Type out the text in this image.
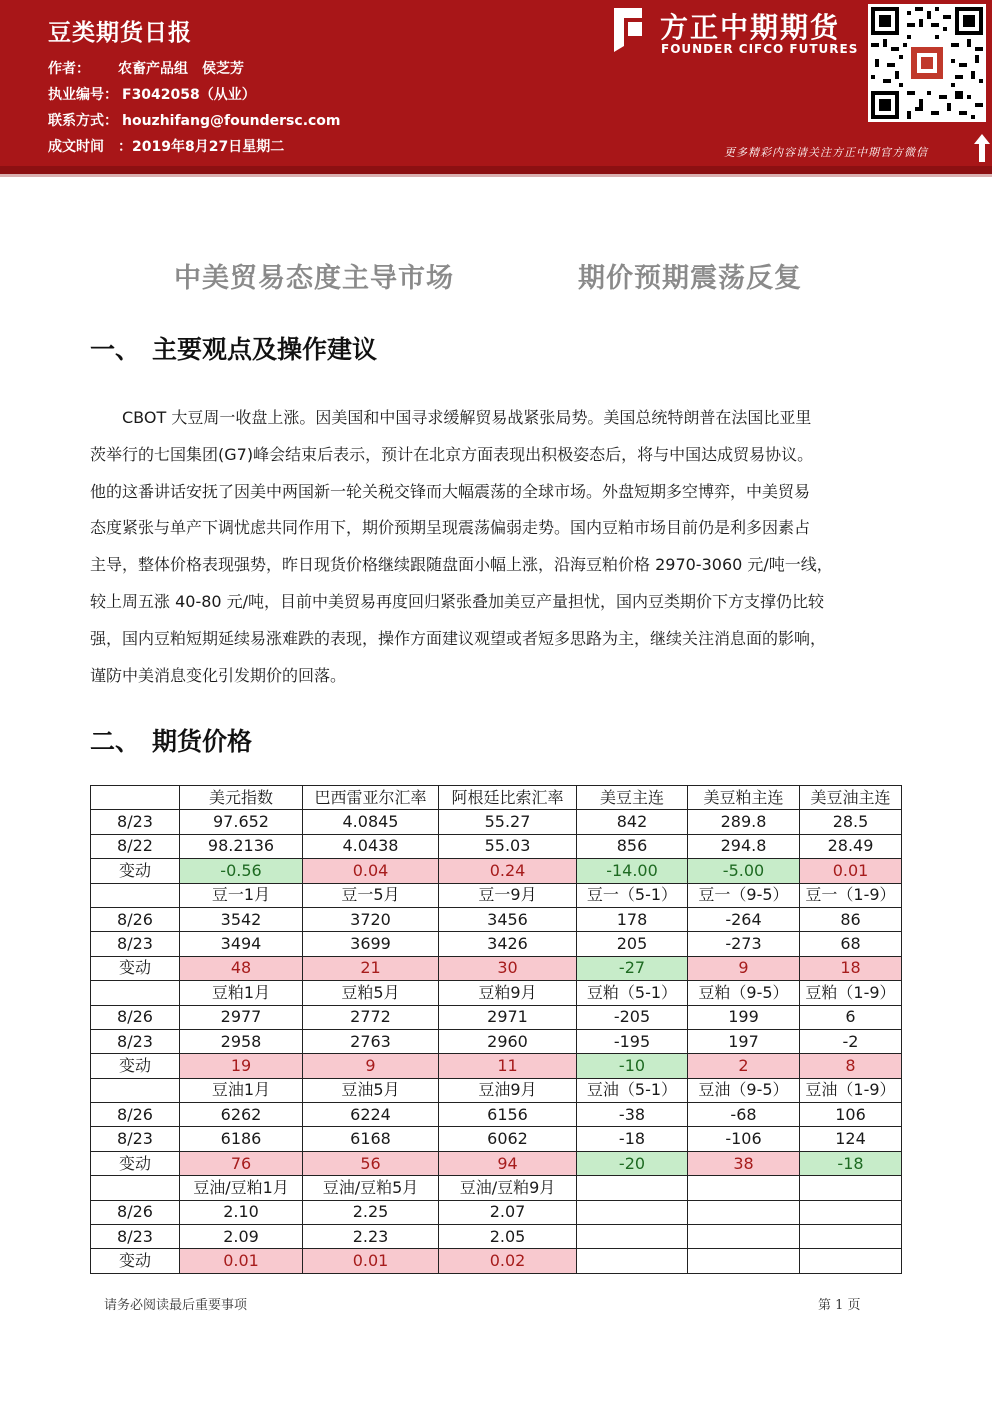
豆类期货日报
作者： 农畜产品组　侯芝芳
执业编号： F3042058（从业）
联系方式： houzhifang@foundersc.com
成文时间 ：2019年8月27日星期二
方正中期期货
FOUNDER CIFCO FUTURES
更多精彩内容请关注方正中期官方微信
中美贸易态度主导市场	期价预期震荡反复
一、 主要观点及操作建议
　　CBOT 大豆周一收盘上涨。因美国和中国寻求缓解贸易战紧张局势。美国总统特朗普在法国比亚里
茨举行的七国集团(G7)峰会结束后表示，预计在北京方面表现出积极姿态后，将与中国达成贸易协议。
他的这番讲话安抚了因美中两国新一轮关税交锋而大幅震荡的全球市场。外盘短期多空博弈，中美贸易
态度紧张与单产下调忧虑共同作用下，期价预期呈现震荡偏弱走势。国内豆粕市场目前仍是利多因素占
主导，整体价格表现强势，昨日现货价格继续跟随盘面小幅上涨，沿海豆粕价格 2970-3060 元/吨一线，
较上周五涨 40-80 元/吨，目前中美贸易再度回归紧张叠加美豆产量担忧，国内豆类期价下方支撑仍比较
强，国内豆粕短期延续易涨难跌的表现，操作方面建议观望或者短多思路为主，继续关注消息面的影响，
谨防中美消息变化引发期价的回落。
二、 期货价格
	美元指数	巴西雷亚尔汇率	阿根廷比索汇率	美豆主连	美豆粕主连	美豆油主连
8/23	97.652	4.0845	55.27	842	289.8	28.5
8/22	98.2136	4.0438	55.03	856	294.8	28.49
变动	-0.56	0.04	0.24	-14.00	-5.00	0.01
	豆一1月	豆一5月	豆一9月	豆一（5-1）	豆一（9-5）	豆一（1-9）
8/26	3542	3720	3456	178	-264	86
8/23	3494	3699	3426	205	-273	68
变动	48	21	30	-27	9	18
	豆粕1月	豆粕5月	豆粕9月	豆粕（5-1）	豆粕（9-5）	豆粕（1-9）
8/26	2977	2772	2971	-205	199	6
8/23	2958	2763	2960	-195	197	-2
变动	19	9	11	-10	2	8
	豆油1月	豆油5月	豆油9月	豆油（5-1）	豆油（9-5）	豆油（1-9）
8/26	6262	6224	6156	-38	-68	106
8/23	6186	6168	6062	-18	-106	124
变动	76	56	94	-20	38	-18
	豆油/豆粕1月	豆油/豆粕5月	豆油/豆粕9月			
8/26	2.10	2.25	2.07			
8/23	2.09	2.23	2.05			
变动	0.01	0.01	0.02			
请务必阅读最后重要事项	第 1 页
